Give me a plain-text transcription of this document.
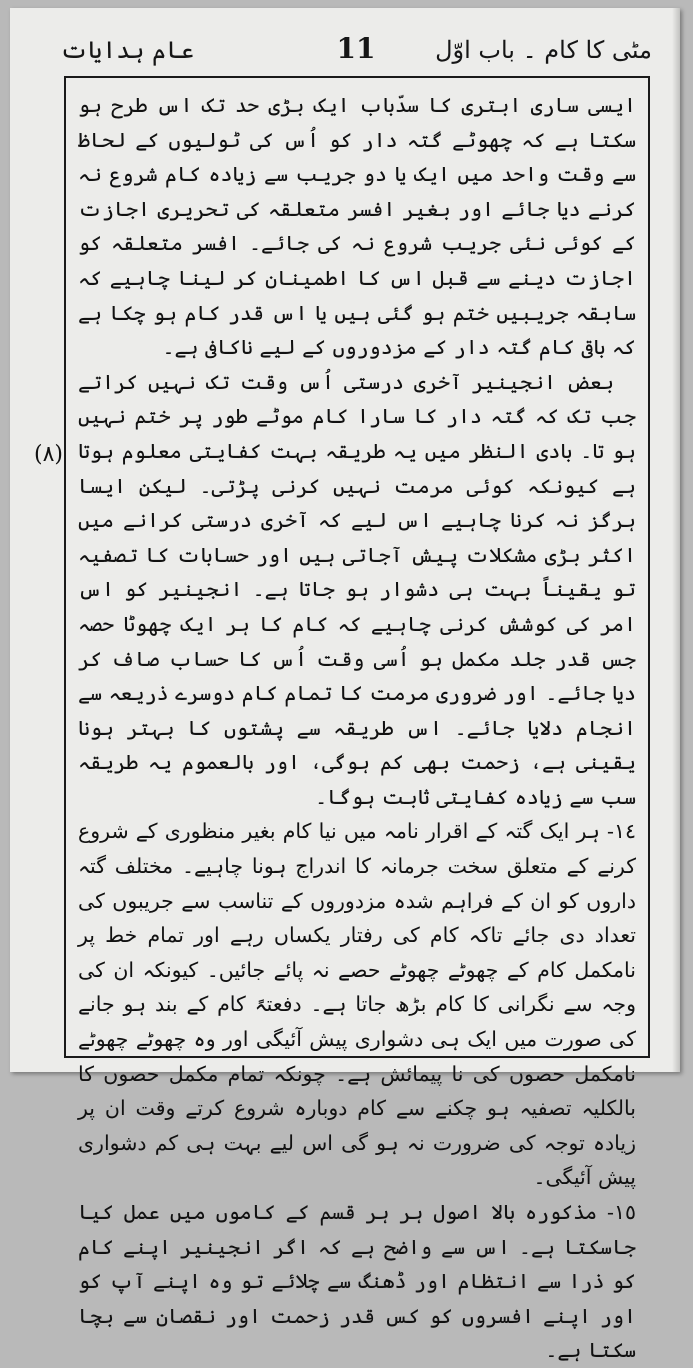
مٹی کا کام ۔ باب اوّل
11
عام ہدایات
(٨)

ایسی ساری ابتری کا سدّباب ایک بڑی حد تک اس طرح ہو سکتا ہے کہ چھوٹے گتہ دار کو اُس کی ٹولیوں کے لحاظ سے وقت واحد میں ایک یا دو جریب سے زیادہ کام شروع نہ کرنے دیا جائے اور بغیر افسر متعلقہ کی تحریری اجازت کے کوئی نئی جریب شروع نہ کی جائے۔ افسر متعلقہ کو اجازت دینے سے قبل اس کا اطمینان کر لینا چاہیے کہ سابقہ جریبیں ختم ہو گئی ہیں یا اس قدر کام ہو چکا ہے کہ باقی کام گتہ دار کے مزدوروں کے لیے ناکافی ہے۔

بعض انجینیر آخری درستی اُس وقت تک نہیں کراتے جب تک کہ گتہ دار کا سارا کام موٹے طور پر ختم نہیں ہو تا۔ بادی النظر میں یہ طریقہ بہت کفایتی معلوم ہوتا ہے کیونکہ کوئی مرمت نہیں کرنی پڑتی۔ لیکن ایسا ہرگز نہ کرنا چاہیے اس لیے کہ آخری درستی کرانے میں اکثر بڑی مشکلات پیش آجاتی ہیں اور حسابات کا تصفیہ تو یقیناً بہت ہی دشوار ہو جاتا ہے۔ انجینیر کو اس امر کی کوشش کرنی چاہیے کہ کام کا ہر ایک چھوٹا حصہ جس قدر جلد مکمل ہو اُسی وقت اُس کا حساب صاف کر دیا جائے۔ اور ضروری مرمت کا تمام کام دوسرے ذریعہ سے انجام دلایا جائے۔ اس طریقہ سے پشتوں کا بہتر ہونا یقینی ہے، زحمت بھی کم ہوگی، اور بالعموم یہ طریقہ سب سے زیادہ کفایتی ثابت ہوگا۔

١٤- ہر ایک گتہ کے اقرار نامہ میں نیا کام بغیر منظوری کے شروع کرنے کے متعلق سخت جرمانہ کا اندراج ہونا چاہیے۔ مختلف گتہ داروں کو ان کے فراہم شدہ مزدوروں کے تناسب سے جریبوں کی تعداد دی جائے تاکہ کام کی رفتار یکساں رہے اور تمام خط پر نامکمل کام کے چھوٹے چھوٹے حصے نہ پائے جائیں۔ کیونکہ ان کی وجہ سے نگرانی کا کام بڑھ جاتا ہے۔ دفعتہً کام کے بند ہو جانے کی صورت میں ایک ہی دشواری پیش آئیگی اور وہ چھوٹے چھوٹے نامکمل حصوں کی نا پیمائش ہے۔ چونکہ تمام مکمل حصوں کا بالکلیہ تصفیہ ہو چکنے سے کام دوبارہ شروع کرتے وقت ان پر زیادہ توجہ کی ضرورت نہ ہو گی اس لیے بہت ہی کم دشواری پیش آئیگی۔

١٥- مذکورہ بالا اصول ہر ہر قسم کے کاموں میں عمل کیا جاسکتا ہے۔ اس سے واضح ہے کہ اگر انجینیر اپنے کام کو ذرا سے انتظام اور ڈھنگ سے چلائے تو وہ اپنے آپ کو اور اپنے افسروں کو کس قدر زحمت اور نقصان سے بچا سکتا ہے۔
